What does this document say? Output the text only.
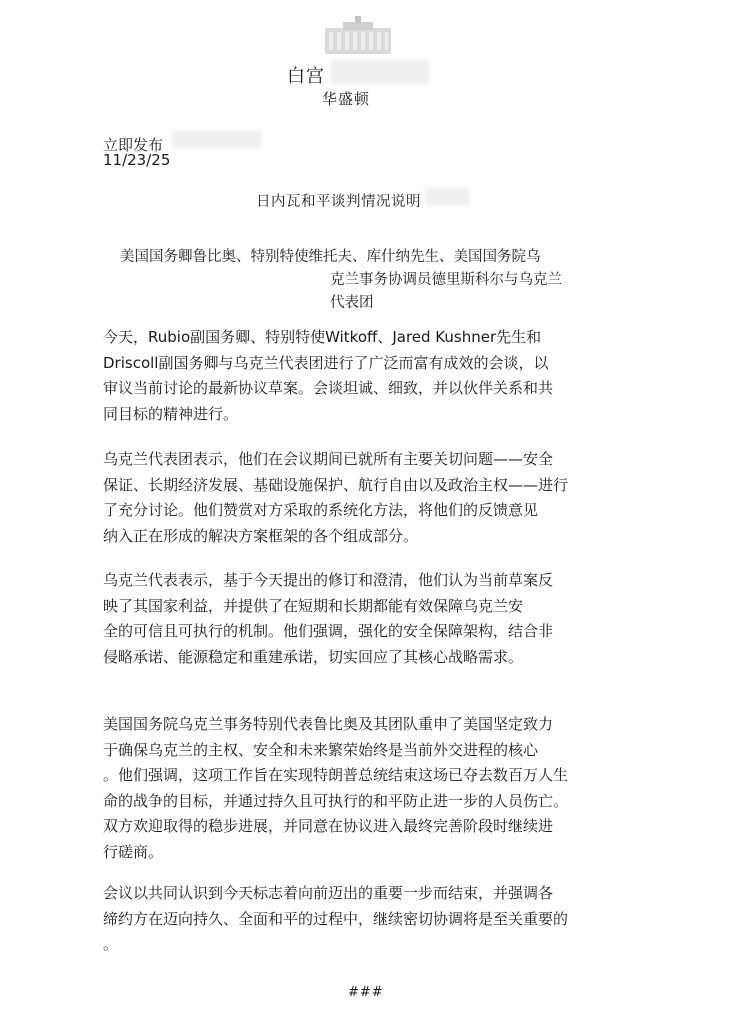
白宫
华盛顿
立即发布
11/23/25
日内瓦和平谈判情况说明
美国国务卿鲁比奥、特别特使维托夫、库什纳先生、美国国务院乌
克兰事务协调员德里斯科尔与乌克兰
代表团
今天，Rubio副国务卿、特别特使Witkoff、Jared Kushner先生和
Driscoll副国务卿与乌克兰代表团进行了广泛而富有成效的会谈，以
审议当前讨论的最新协议草案。会谈坦诚、细致，并以伙伴关系和共
同目标的精神进行。
乌克兰代表团表示，他们在会议期间已就所有主要关切问题——安全
保证、长期经济发展、基础设施保护、航行自由以及政治主权——进行
了充分讨论。他们赞赏对方采取的系统化方法，将他们的反馈意见
纳入正在形成的解决方案框架的各个组成部分。
乌克兰代表表示，基于今天提出的修订和澄清，他们认为当前草案反
映了其国家利益，并提供了在短期和长期都能有效保障乌克兰安
全的可信且可执行的机制。他们强调，强化的安全保障架构，结合非
侵略承诺、能源稳定和重建承诺，切实回应了其核心战略需求。
美国国务院乌克兰事务特别代表鲁比奥及其团队重申了美国坚定致力
于确保乌克兰的主权、安全和未来繁荣始终是当前外交进程的核心
。他们强调，这项工作旨在实现特朗普总统结束这场已夺去数百万人生
命的战争的目标，并通过持久且可执行的和平防止进一步的人员伤亡。
双方欢迎取得的稳步进展，并同意在协议进入最终完善阶段时继续进
行磋商。
会议以共同认识到今天标志着向前迈出的重要一步而结束，并强调各
缔约方在迈向持久、全面和平的过程中，继续密切协调将是至关重要的
。
###
